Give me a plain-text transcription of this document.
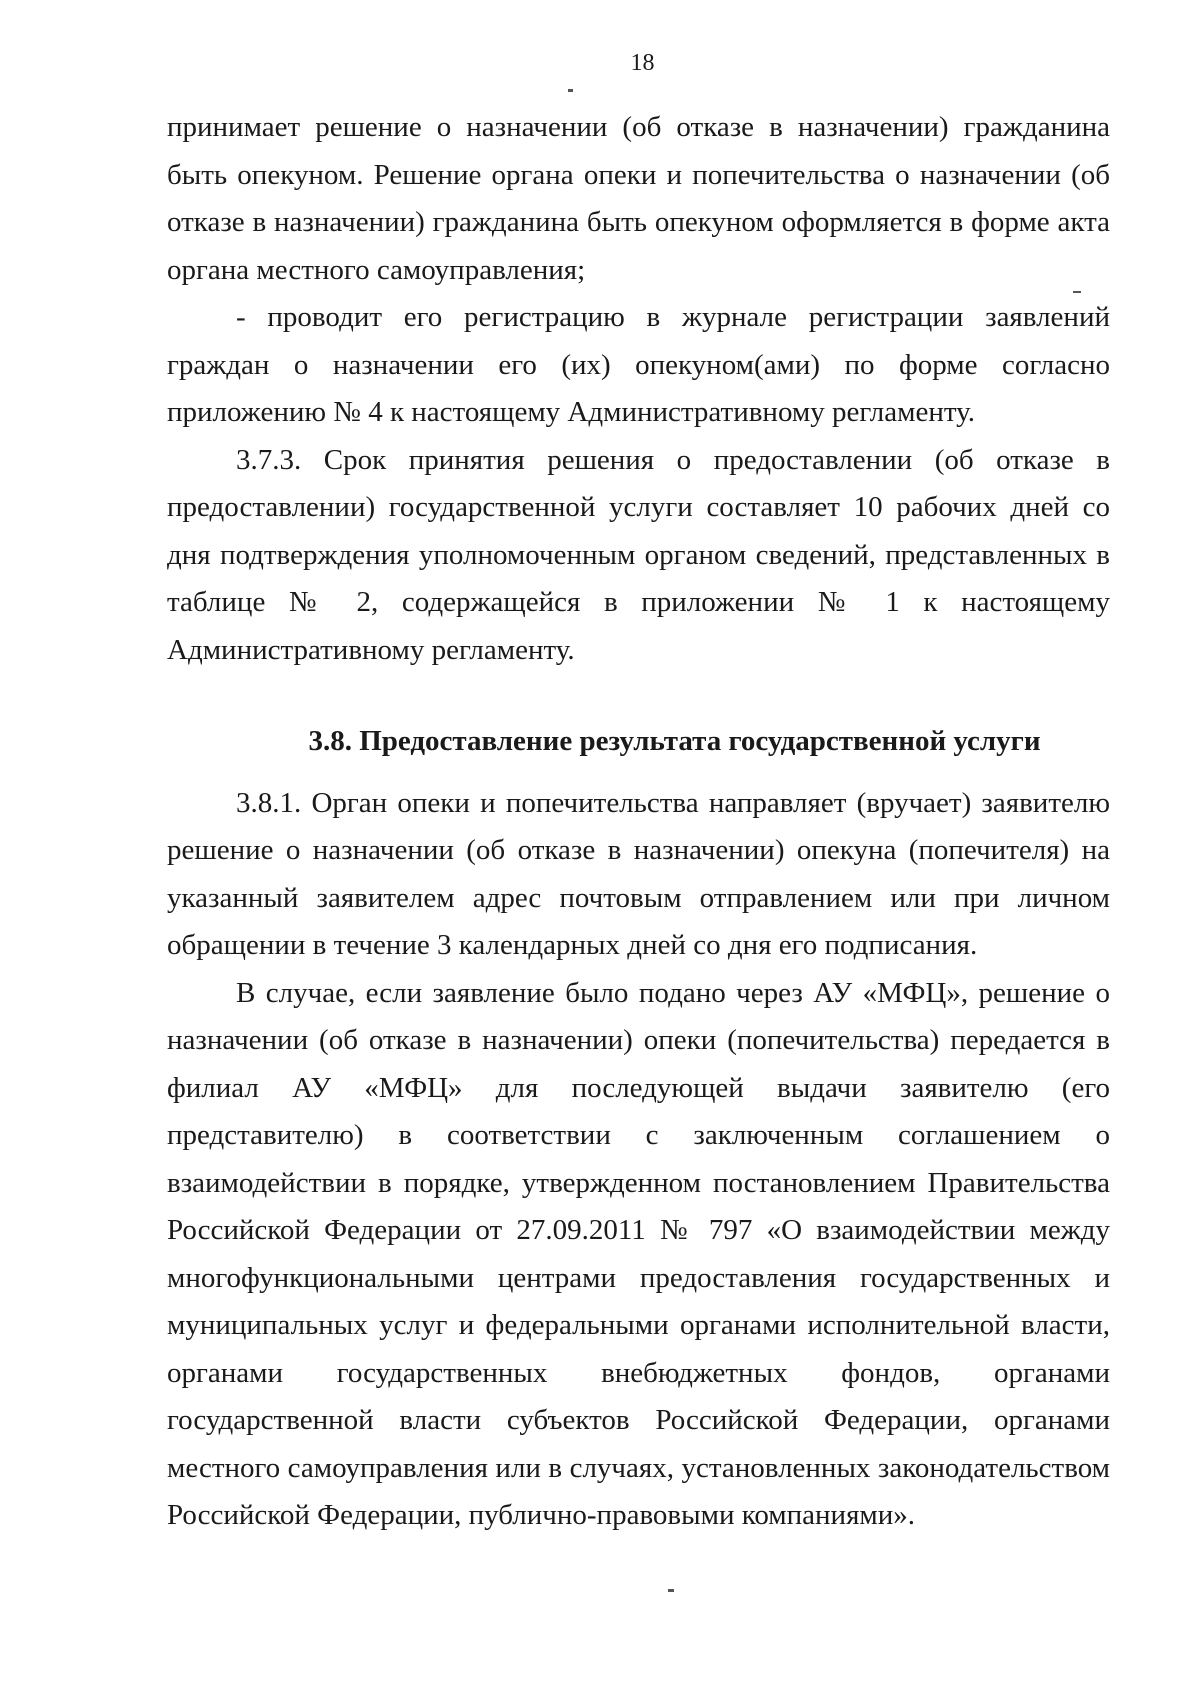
18

принимает решение о назначении (об отказе в назначении) гражданина быть опекуном. Решение органа опеки и попечительства о назначении (об отказе в назначении) гражданина быть опекуном оформляется в форме акта органа местного самоуправления;

- проводит его регистрацию в журнале регистрации заявлений граждан о назначении его (их) опекуном(ами) по форме согласно приложению № 4 к настоящему Административному регламенту.

3.7.3. Срок принятия решения о предоставлении (об отказе в предоставлении) государственной услуги составляет 10 рабочих дней со дня подтверждения уполномоченным органом сведений, представленных в таблице № 2, содержащейся в приложении № 1 к настоящему Административному регламенту.

3.8. Предоставление результата государственной услуги

3.8.1. Орган опеки и попечительства направляет (вручает) заявителю решение о назначении (об отказе в назначении) опекуна (попечителя) на указанный заявителем адрес почтовым отправлением или при личном обращении в течение 3 календарных дней со дня его подписания.

В случае, если заявление было подано через АУ «МФЦ», решение о назначении (об отказе в назначении) опеки (попечительства) передается в филиал АУ «МФЦ» для последующей выдачи заявителю (его представителю) в соответствии с заключенным соглашением о взаимодействии в порядке, утвержденном постановлением Правительства Российской Федерации от 27.09.2011 № 797 «О взаимодействии между многофункциональными центрами предоставления государственных и муниципальных услуг и федеральными органами исполнительной власти, органами государственных внебюджетных фондов, органами государственной власти субъектов Российской Федерации, органами местного самоуправления или в случаях, установленных законодательством Российской Федерации, публично-правовыми компаниями».
